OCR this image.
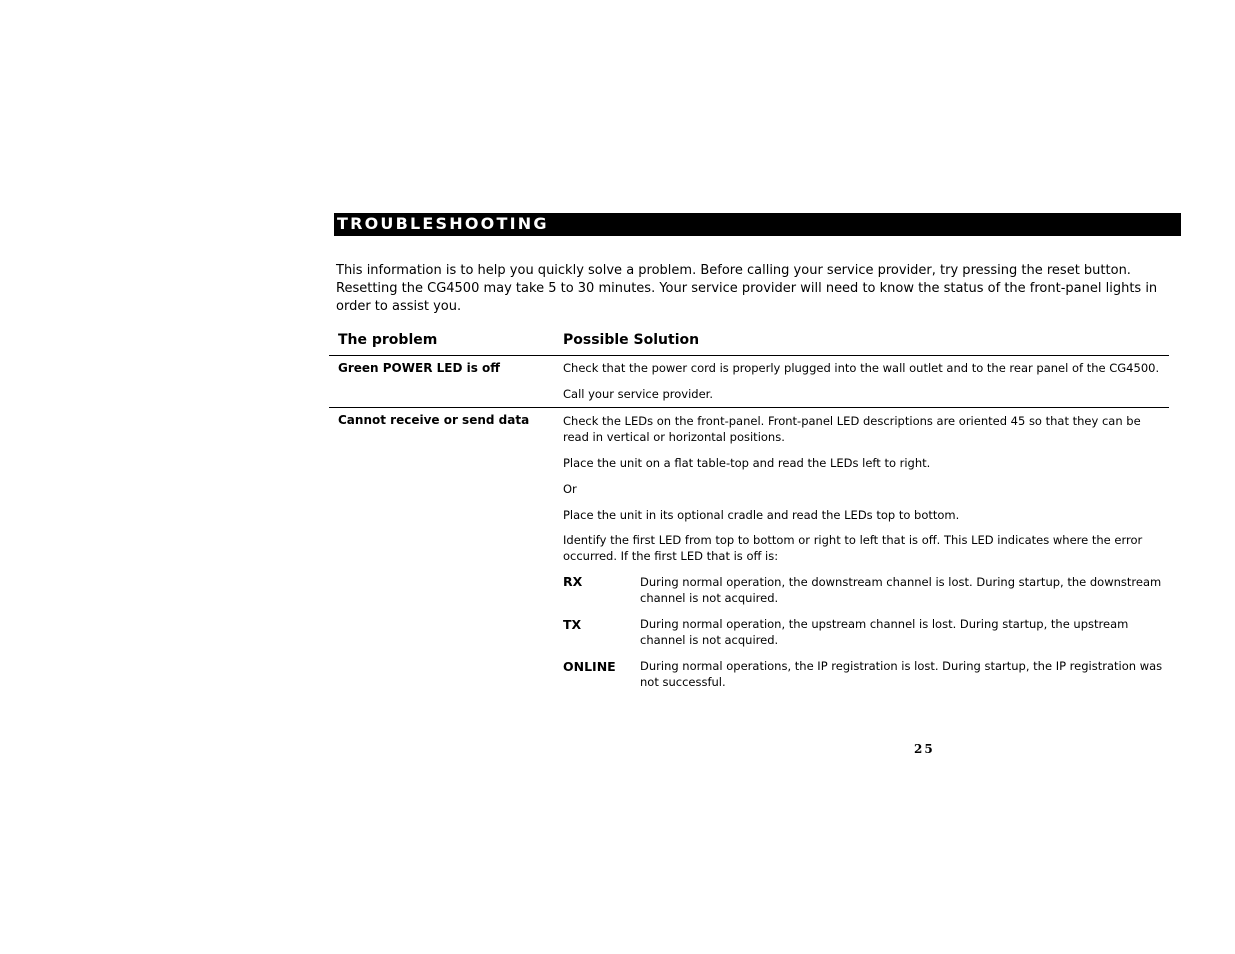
TROUBLESHOOTING

This information is to help you quickly solve a problem. Before calling your service provider, try pressing the reset button. Resetting the CG4500 may take 5 to 30 minutes. Your service provider will need to know the status of the front-panel lights in order to assist you.

The problem	Possible Solution
Green POWER LED is off	Check that the power cord is properly plugged into the wall outlet and to the rear panel of the CG4500.

Call your service provider.

Cannot receive or send data	Check the LEDs on the front-panel. Front-panel LED descriptions are oriented 45 so that they can be read in vertical or horizontal positions.

Place the unit on a flat table-top and read the LEDs left to right.

Or

Place the unit in its optional cradle and read the LEDs top to bottom.

Identify the first LED from top to bottom or right to left that is off. This LED indicates where the error occurred. If the first LED that is off is:

RX	During normal operation, the downstream channel is lost. During startup, the downstream channel is not acquired.

TX	During normal operation, the upstream channel is lost. During startup, the upstream channel is not acquired.

ONLINE During normal operations, the IP registration is lost. During startup, the IP registration was not successful.

25
